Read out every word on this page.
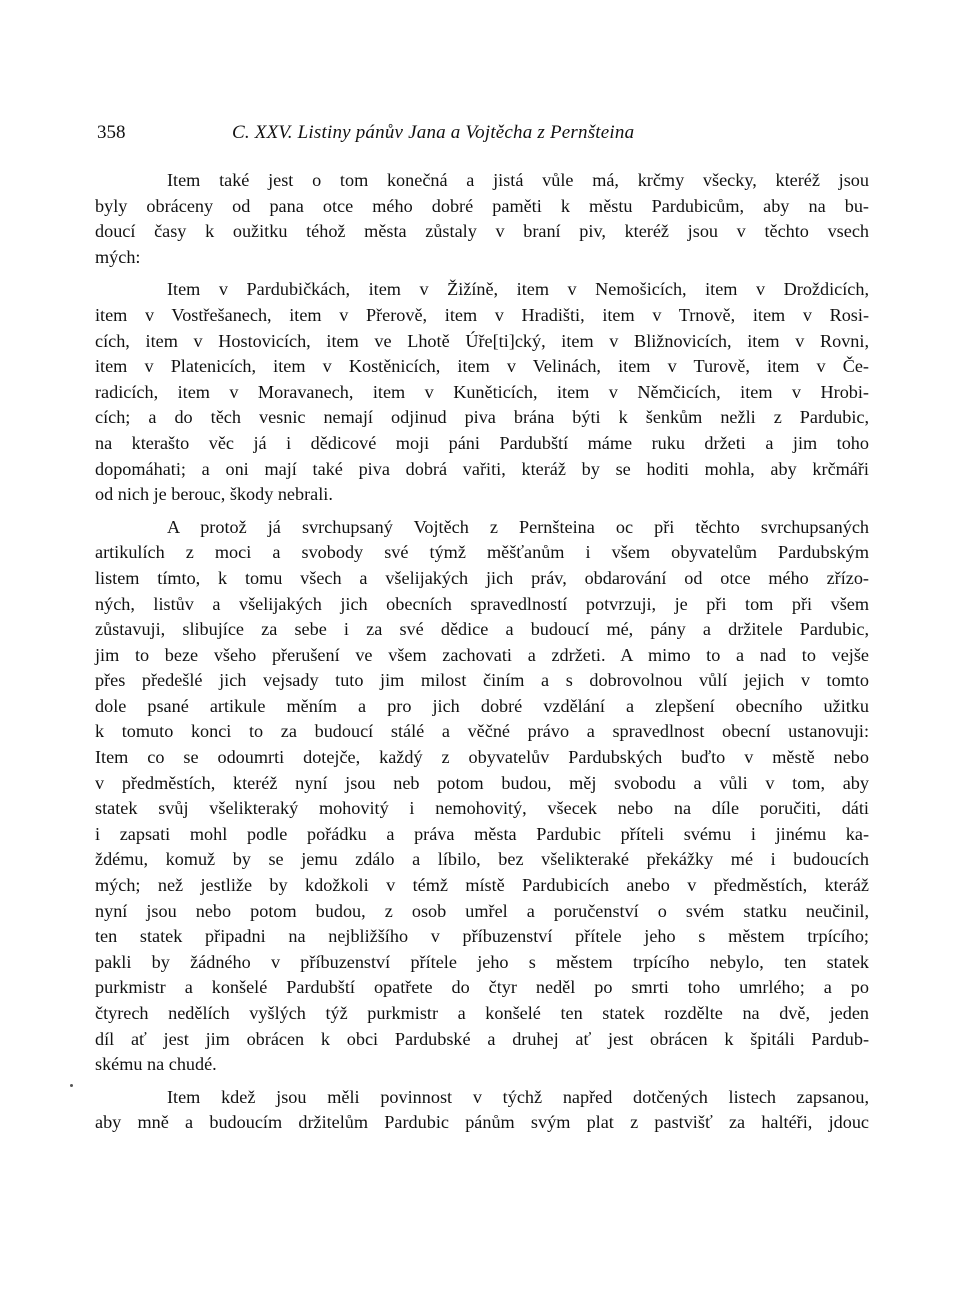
358	C. XXV. Listiny pánův Jana a Vojtěcha z Pernšteina
Item také jest o tom konečná a jistá vůle má, krčmy všecky, kteréž jsou
byly obráceny od pana otce mého dobré paměti k městu Pardubicům, aby na bu-
doucí časy k oužitku téhož města zůstaly v braní piv, kteréž jsou v těchto vsech
mých:
Item v Pardubičkách, item v Žižíně, item v Nemošicích, item v Droždicích,
item v Vostřešanech, item v Přerově, item v Hradišti, item v Trnově, item v Rosi-
cích, item v Hostovicích, item ve Lhotě Úře[ti]cký, item v Bližnovicích, item v Rovni,
item v Platenicích, item v Kostěnicích, item v Velinách, item v Turově, item v Če-
radicích, item v Moravanech, item v Kuněticích, item v Němčicích, item v Hrobi-
cích; a do těch vesnic nemají odjinud piva brána býti k šenkům nežli z Pardubic,
na kterašto věc já i dědicové moji páni Pardubští máme ruku držeti a jim toho
dopomáhati; a oni mají také piva dobrá vařiti, kteráž by se hoditi mohla, aby krčmáři
od nich je berouc, škody nebrali.
A protož já svrchupsaný Vojtěch z Pernšteina oc při těchto svrchupsaných
artikulích z moci a svobody své týmž měšťanům i všem obyvatelům Pardubským
listem tímto, k tomu všech a všelijakých jich práv, obdarování od otce mého zřízo-
ných, listův a všelijakých jich obecních spravedlností potvrzuji, je při tom při všem
zůstavuji, slibujíce za sebe i za své dědice a budoucí mé, pány a držitele Pardubic,
jim to beze všeho přerušení ve všem zachovati a zdržeti. A mimo to a nad to vejše
přes předešlé jich vejsady tuto jim milost činím a s dobrovolnou vůlí jejich v tomto
dole psané artikule měním a pro jich dobré vzdělání a zlepšení obecního užitku
k tomuto konci to za budoucí stálé a věčné právo a spravedlnost obecní ustanovuji:
Item co se odoumrti dotejče, každý z obyvatelův Pardubských buďto v městě nebo
v předměstích, kteréž nyní jsou neb potom budou, měj svobodu a vůli v tom, aby
statek svůj všelikteraký mohovitý i nemohovitý, všecek nebo na díle poručiti, dáti
i zapsati mohl podle pořádku a práva města Pardubic příteli svému i jinému ka-
ždému, komuž by se jemu zdálo a líbilo, bez všelikteraké překážky mé i budoucích
mých; než jestliže by kdožkoli v témž místě Pardubicích anebo v předměstích, kteráž
nyní jsou nebo potom budou, z osob umřel a poručenství o svém statku neučinil,
ten statek připadni na nejbližšího v příbuzenství přítele jeho s městem trpícího;
pakli by žádného v příbuzenství přítele jeho s městem trpícího nebylo, ten statek
purkmistr a konšelé Pardubští opatřete do čtyr neděl po smrti toho umrlého; a po
čtyrech nedělích vyšlých týž purkmistr a konšelé ten statek rozdělte na dvě, jeden
díl ať jest jim obrácen k obci Pardubské a druhej ať jest obrácen k špitáli Pardub-
skému na chudé.
Item kdež jsou měli povinnost v týchž napřed dotčených listech zapsanou,
aby mně a budoucím držitelům Pardubic pánům svým plat z pastvišť za haltéři, jdouc
